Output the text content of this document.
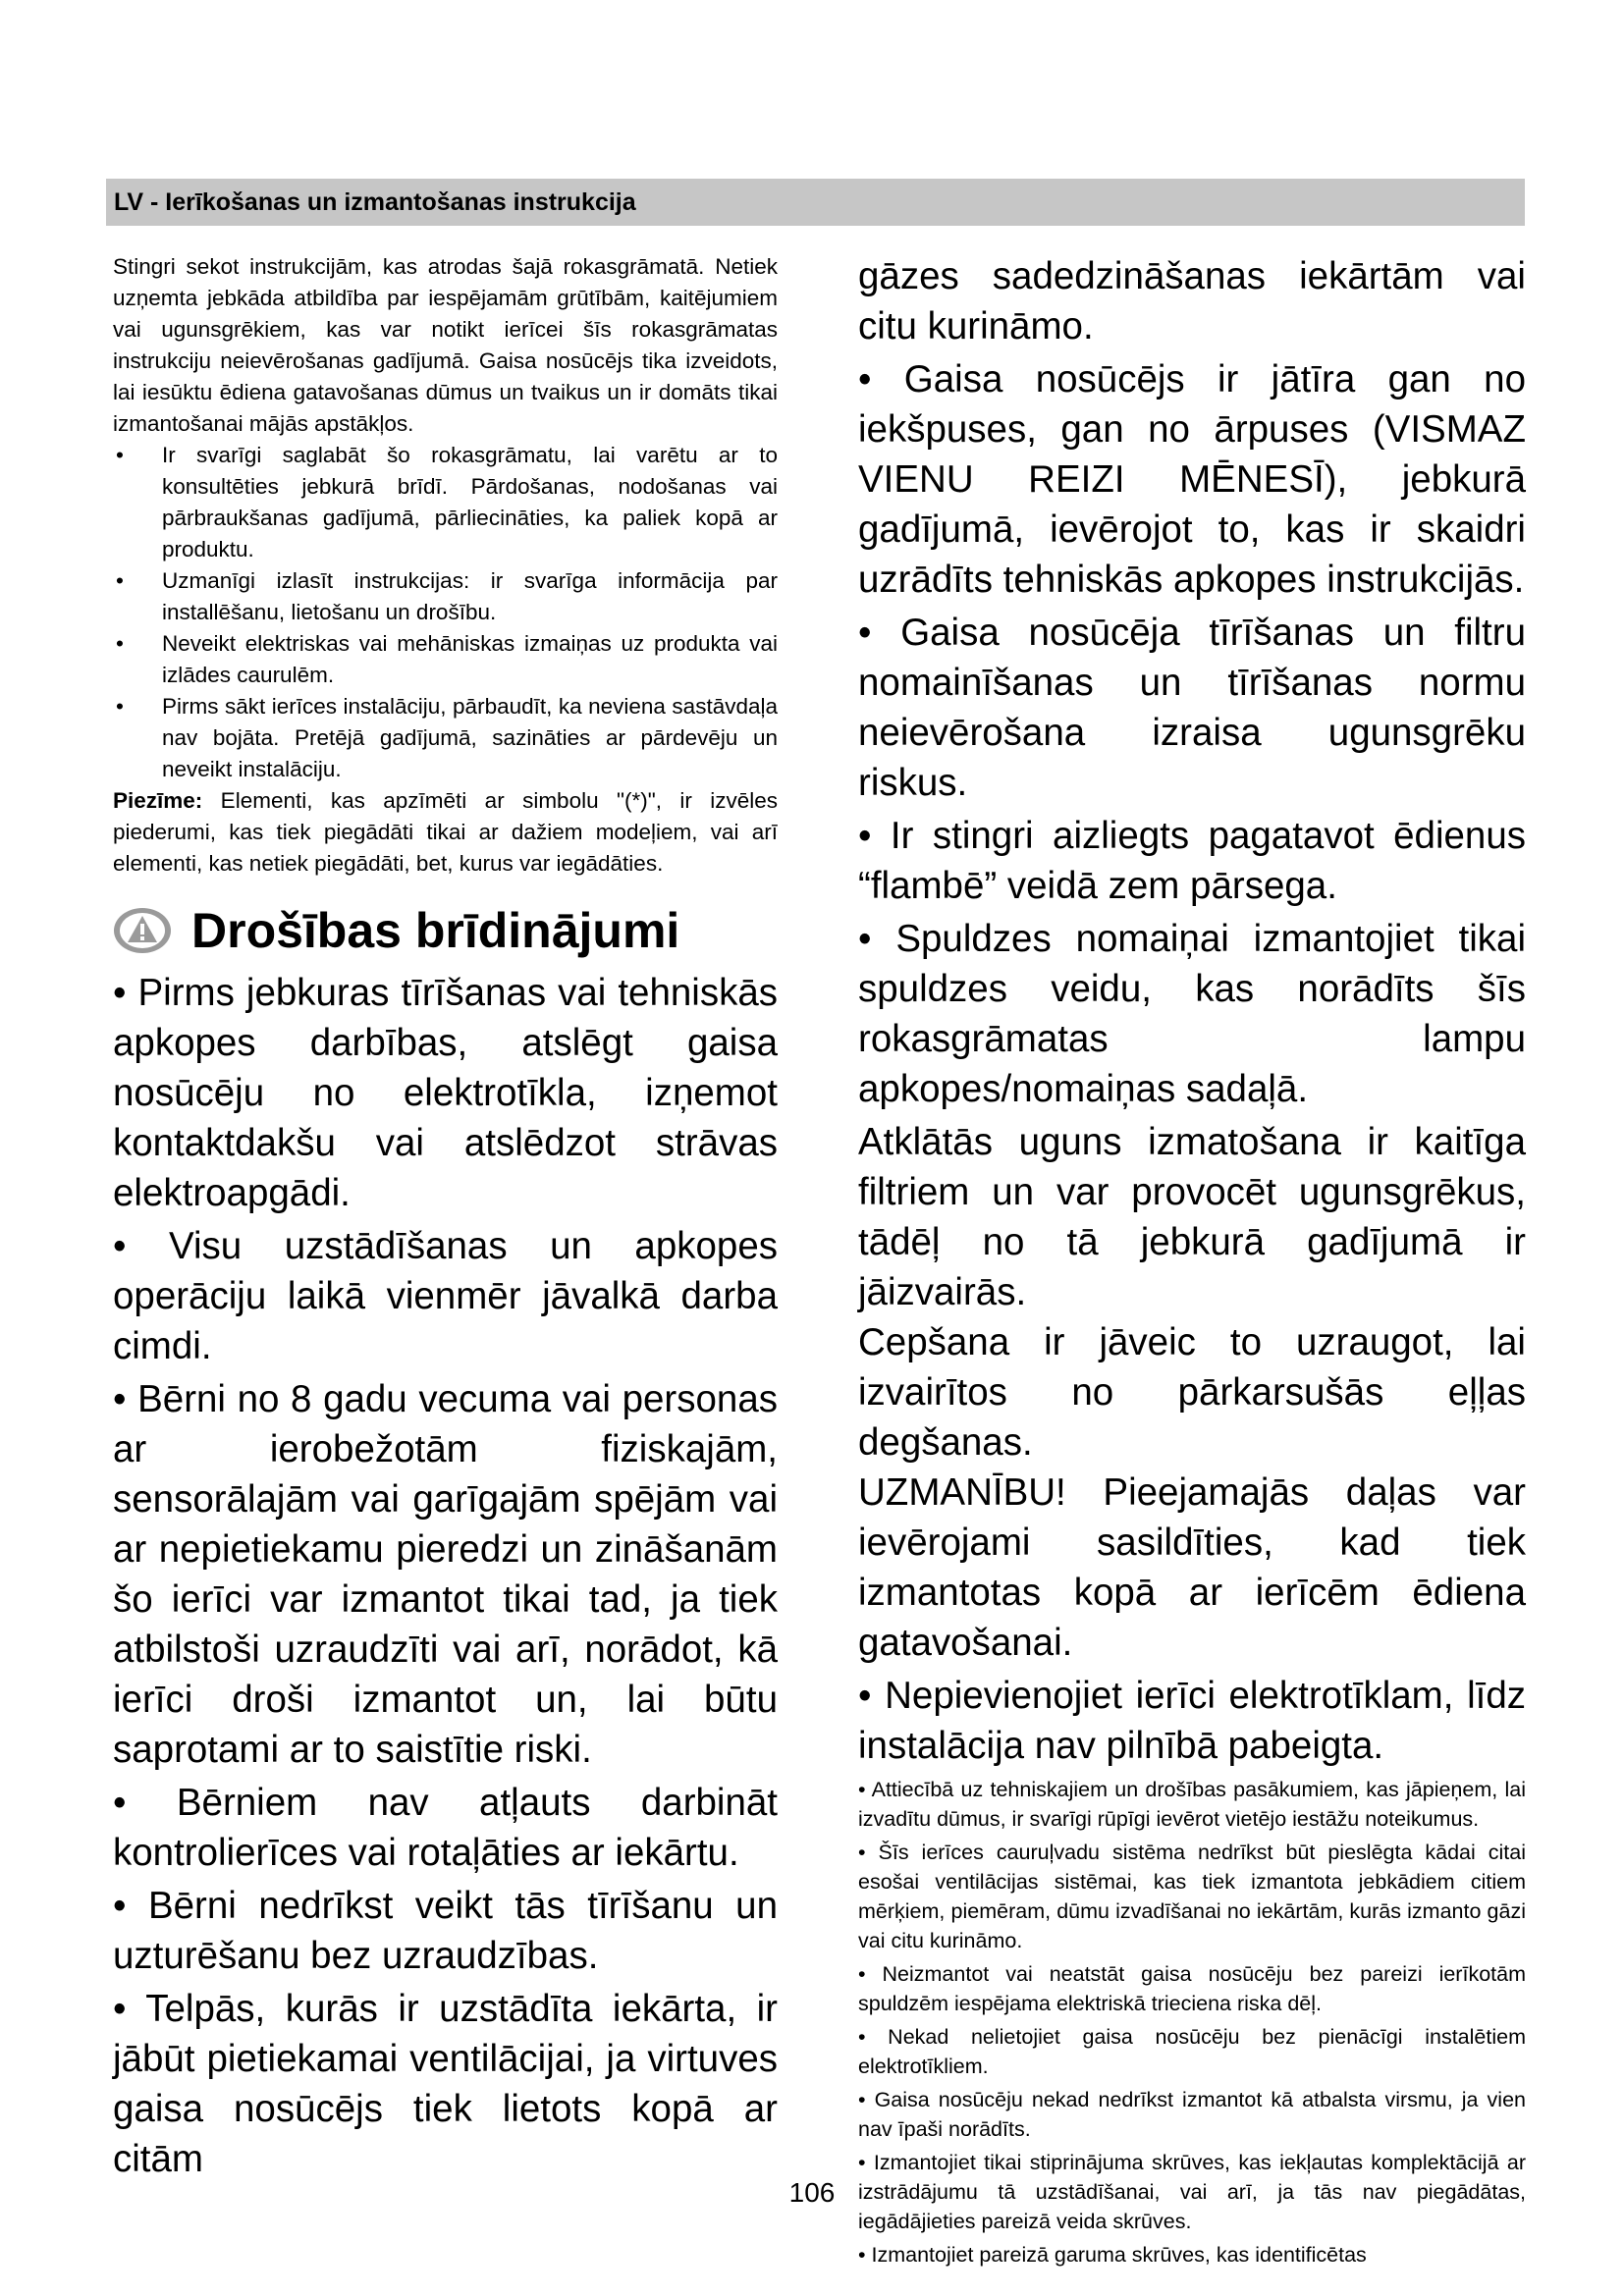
LV - Ierīkošanas un izmantošanas instrukcija

Stingri sekot instrukcijām, kas atrodas šajā rokasgrāmatā. Netiek uzņemta jebkāda atbildība par iespējamām grūtībām, kaitējumiem vai ugunsgrēkiem, kas var notikt ierīcei šīs rokasgrāmatas instrukciju neievērošanas gadījumā. Gaisa nosūcējs tika izveidots, lai iesūktu ēdiena gatavošanas dūmus un tvaikus un ir domāts tikai izmantošanai mājās apstākļos.

• Ir svarīgi saglabāt šo rokasgrāmatu, lai varētu ar to konsultēties jebkurā brīdī. Pārdošanas, nodošanas vai pārbraukšanas gadījumā, pārliecināties, ka paliek kopā ar produktu.
• Uzmanīgi izlasīt instrukcijas: ir svarīga informācija par installēšanu, lietošanu un drošību.
• Neveikt elektriskas vai mehāniskas izmaiņas uz produkta vai izlādes caurulēm.
• Pirms sākt ierīces instalāciju, pārbaudīt, ka neviena sastāvdaļa nav bojāta. Pretējā gadījumā, sazināties ar pārdevēju un neveikt instalāciju.

Piezīme: Elementi, kas apzīmēti ar simbolu "(*)", ir izvēles piederumi, kas tiek piegādāti tikai ar dažiem modeļiem, vai arī elementi, kas netiek piegādāti, bet, kurus var iegādāties.

Drošības brīdinājumi

• Pirms jebkuras tīrīšanas vai tehniskās apkopes darbības, atslēgt gaisa nosūcēju no elektrotīkla, izņemot kontaktdakšu vai atslēdzot strāvas elektroapgādi.

• Visu uzstādīšanas un apkopes operāciju laikā vienmēr jāvalkā darba cimdi.

• Bērni no 8 gadu vecuma vai personas ar ierobežotām fiziskajām, sensorālajām vai garīgajām spējām vai ar nepietiekamu pieredzi un zināšanām šo ierīci var izmantot tikai tad, ja tiek atbilstoši uzraudzīti vai arī, norādot, kā ierīci droši izmantot un, lai būtu saprotami ar to saistītie riski.

• Bērniem nav atļauts darbināt kontrolierīces vai rotaļāties ar iekārtu.

• Bērni nedrīkst veikt tās tīrīšanu un uzturēšanu bez uzraudzības.

• Telpās, kurās ir uzstādīta iekārta, ir jābūt pietiekamai ventilācijai, ja virtuves gaisa nosūcējs tiek lietots kopā ar citām

gāzes sadedzināšanas iekārtām vai citu kurināmo.

• Gaisa nosūcējs ir jātīra gan no iekšpuses, gan no ārpuses (VISMAZ VIENU REIZI MĒNESĪ), jebkurā gadījumā, ievērojot to, kas ir skaidri uzrādīts tehniskās apkopes instrukcijās.

• Gaisa nosūcēja tīrīšanas un filtru nomainīšanas un tīrīšanas normu neievērošana izraisa ugunsgrēku riskus.

• Ir stingri aizliegts pagatavot ēdienus “flambē” veidā zem pārsega.

• Spuldzes nomaiņai izmantojiet tikai spuldzes veidu, kas norādīts šīs rokasgrāmatas lampu apkopes/nomaiņas sadaļā.

Atklātās uguns izmatošana ir kaitīga filtriem un var provocēt ugunsgrēkus, tādēļ no tā jebkurā gadījumā ir jāizvairās.

Cepšana ir jāveic to uzraugot, lai izvairītos no pārkarsušās eļļas degšanas.

UZMANĪBU! Pieejamajās daļas var ievērojami sasildīties, kad tiek izmantotas kopā ar ierīcēm ēdiena gatavošanai.

• Nepievienojiet ierīci elektrotīklam, līdz instalācija nav pilnībā pabeigta.

• Attiecībā uz tehniskajiem un drošības pasākumiem, kas jāpieņem, lai izvadītu dūmus, ir svarīgi rūpīgi ievērot vietējo iestāžu noteikumus.

• Šīs ierīces cauruļvadu sistēma nedrīkst būt pieslēgta kādai citai esošai ventilācijas sistēmai, kas tiek izmantota jebkādiem citiem mērķiem, piemēram, dūmu izvadīšanai no iekārtām, kurās izmanto gāzi vai citu kurināmo.

• Neizmantot vai neatstāt gaisa nosūcēju bez pareizi ierīkotām spuldzēm iespējama elektriskā trieciena riska dēļ.

• Nekad nelietojiet gaisa nosūcēju bez pienācīgi instalētiem elektrotīkliem.

• Gaisa nosūcēju nekad nedrīkst izmantot kā atbalsta virsmu, ja vien nav īpaši norādīts.

• Izmantojiet tikai stiprinājuma skrūves, kas iekļautas komplektācijā ar izstrādājumu tā uzstādīšanai, vai arī, ja tās nav piegādātas, iegādājieties pareizā veida skrūves.

• Izmantojiet pareizā garuma skrūves, kas identificētas

106
